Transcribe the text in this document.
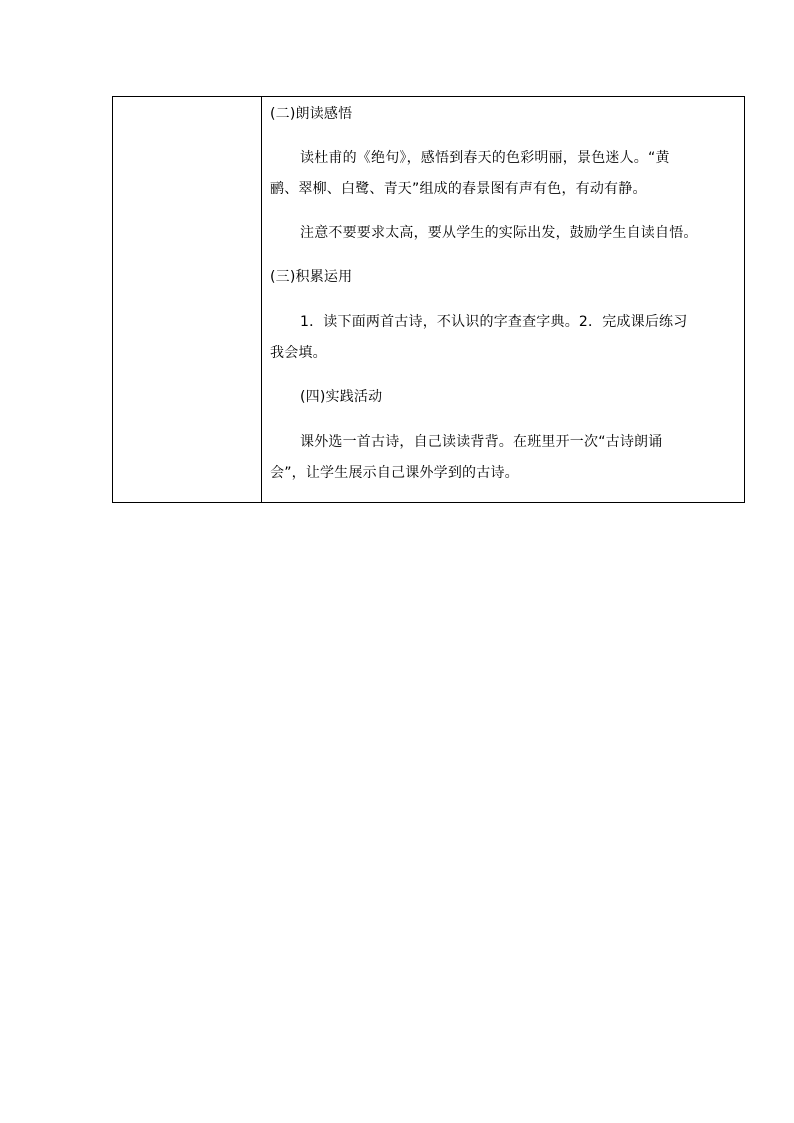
(二)朗读感悟

读杜甫的《绝句》，感悟到春天的色彩明丽，景色迷人。“黄

鹂、翠柳、白鹭、青天”组成的春景图有声有色，有动有静。

注意不要要求太高，要从学生的实际出发，鼓励学生自读自悟。

(三)积累运用

1．读下面两首古诗，不认识的字查查字典。2．完成课后练习

我会填。

(四)实践活动

课外选一首古诗，自己读读背背。在班里开一次“古诗朗诵

会”，让学生展示自己课外学到的古诗。
